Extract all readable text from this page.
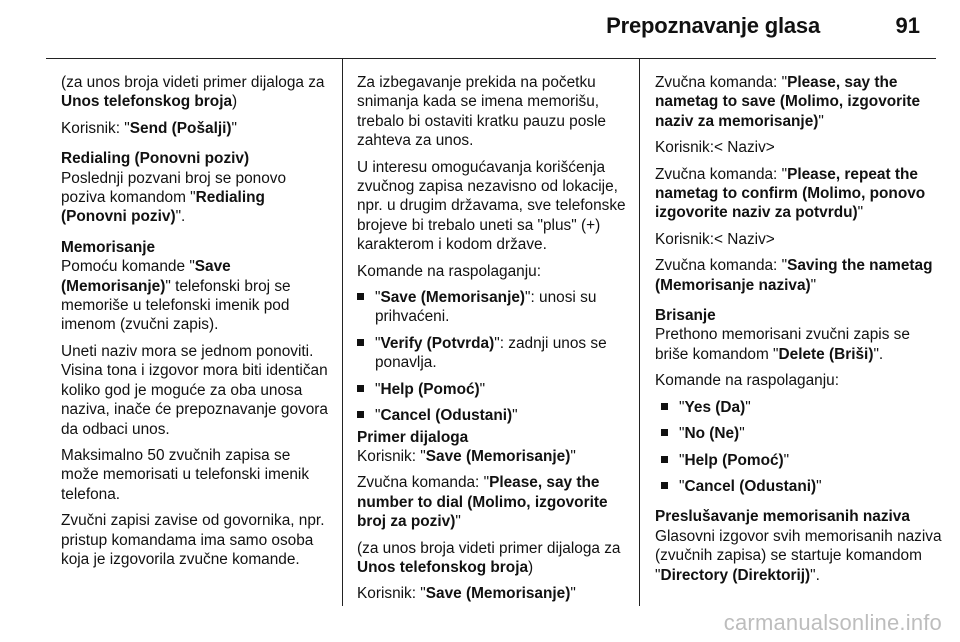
Prepoznavanje glasa	91

(za unos broja videti primer dijaloga za Unos telefonskog broja)

Korisnik: "Send (Pošalji)"

Redialing (Ponovni poziv)

Poslednji pozvani broj se ponovo poziva komandom "Redialing (Ponovni poziv)".

Memorisanje

Pomoću komande "Save (Memorisanje)" telefonski broj se memoriše u telefonski imenik pod imenom (zvučni zapis).

Uneti naziv mora se jednom ponoviti. Visina tona i izgovor mora biti identičan koliko god je moguće za oba unosa naziva, inače će prepoznavanje govora da odbaci unos.

Maksimalno 50 zvučnih zapisa se može memorisati u telefonski imenik telefona.

Zvučni zapisi zavise od govornika, npr. pristup komandama ima samo osoba koja je izgovorila zvučne komande.

Za izbegavanje prekida na početku snimanja kada se imena memorišu, trebalo bi ostaviti kratku pauzu posle zahteva za unos.

U interesu omogućavanja korišćenja zvučnog zapisa nezavisno od lokacije, npr. u drugim državama, sve telefonske brojeve bi trebalo uneti sa "plus" (+) karakterom i kodom države.

Komande na raspolaganju:

"Save (Memorisanje)": unosi su prihvaćeni.
"Verify (Potvrda)": zadnji unos se ponavlja.
"Help (Pomoć)"
"Cancel (Odustani)"
Primer dijaloga

Korisnik: "Save (Memorisanje)"

Zvučna komanda: "Please, say the number to dial (Molimo, izgovorite broj za poziv)"

(za unos broja videti primer dijaloga za Unos telefonskog broja)

Korisnik: "Save (Memorisanje)"

Zvučna komanda: "Please, say the nametag to save (Molimo, izgovorite naziv za memorisanje)"

Korisnik:< Naziv>

Zvučna komanda: "Please, repeat the nametag to confirm (Molimo, ponovo izgovorite naziv za potvrdu)"

Korisnik:< Naziv>

Zvučna komanda: "Saving the nametag (Memorisanje naziva)"

Brisanje

Prethono memorisani zvučni zapis se briše komandom "Delete (Briši)".

Komande na raspolaganju:

"Yes (Da)"
"No (Ne)"
"Help (Pomoć)"
"Cancel (Odustani)"
Preslušavanje memorisanih naziva

Glasovni izgovor svih memorisanih naziva (zvučnih zapisa) se startuje komandom "Directory (Direktorij)".

carmanualsonline.info
